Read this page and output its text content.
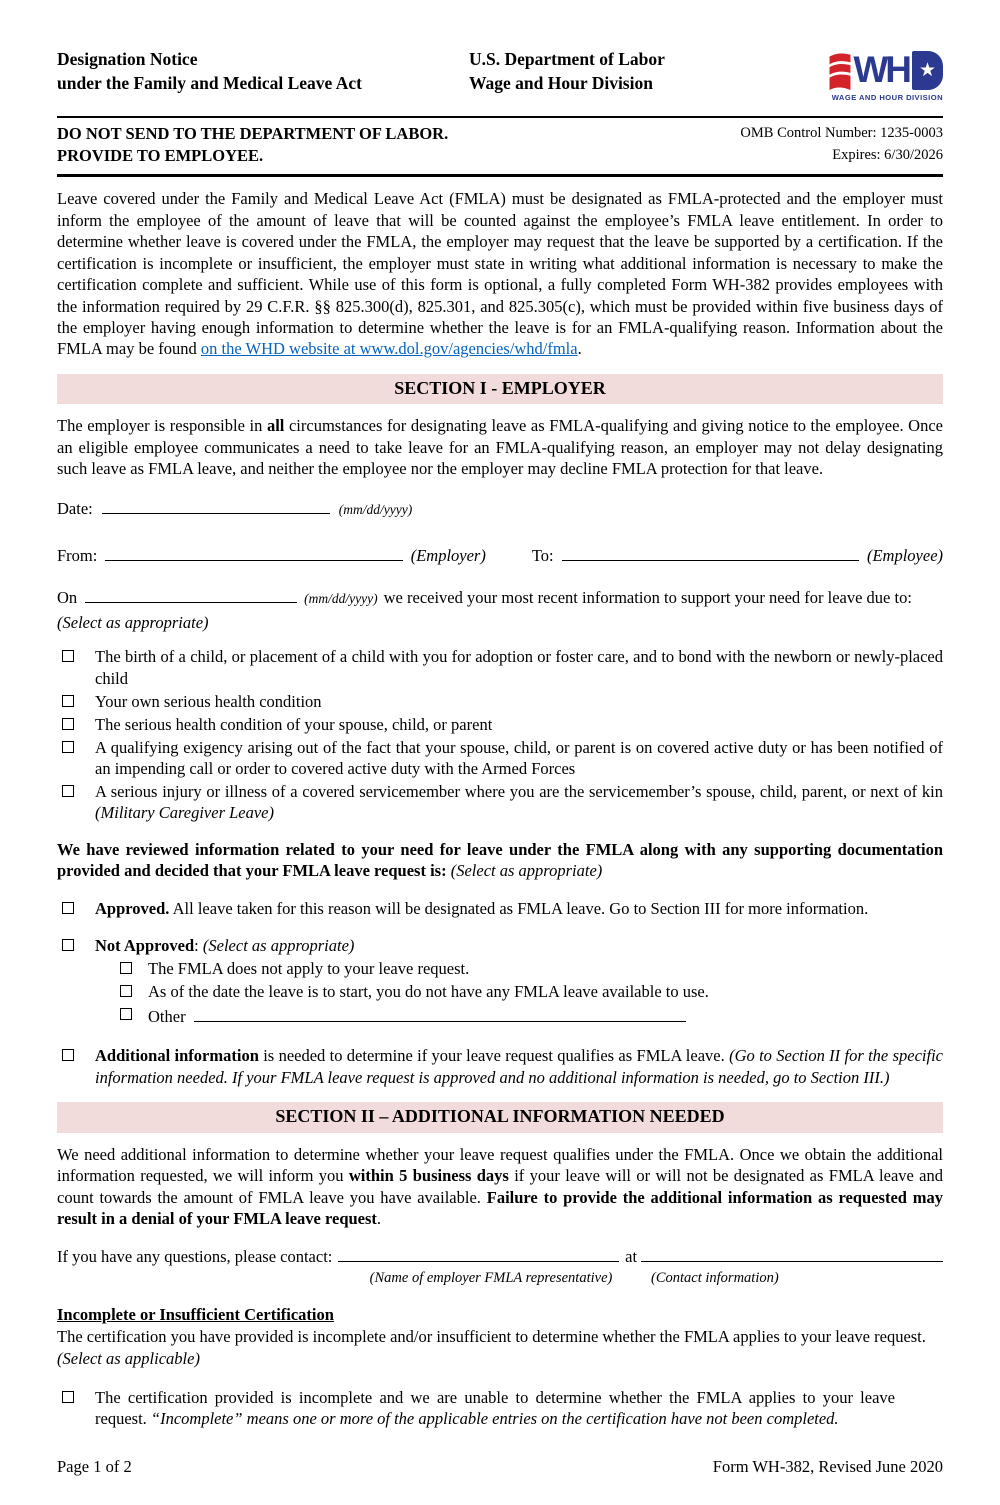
Designation Notice
under the Family and Medical Leave Act
U.S. Department of Labor
Wage and Hour Division	WH ★
WAGE AND HOUR DIVISION
DO NOT SEND TO THE DEPARTMENT OF LABOR.
PROVIDE TO EMPLOYEE.
OMB Control Number: 1235-0003
Expires: 6/30/2026

Leave covered under the Family and Medical Leave Act (FMLA) must be designated as FMLA-protected and the employer must inform the employee of the amount of leave that will be counted against the employee’s FMLA leave entitlement. In order to determine whether leave is covered under the FMLA, the employer may request that the leave be supported by a certification. If the certification is incomplete or insufficient, the employer must state in writing what additional information is necessary to make the certification complete and sufficient. While use of this form is optional, a fully completed Form WH-382 provides employees with the information required by 29 C.F.R. §§ 825.300(d), 825.301, and 825.305(c), which must be provided within five business days of the employer having enough information to determine whether the leave is for an FMLA-qualifying reason. Information about the FMLA may be found on the WHD website at www.dol.gov/agencies/whd/fmla.

SECTION I - EMPLOYER

The employer is responsible in all circumstances for designating leave as FMLA-qualifying and giving notice to the employee. Once an eligible employee communicates a need to take leave for an FMLA-qualifying reason, an employer may not delay designating such leave as FMLA leave, and neither the employee nor the employer may decline FMLA protection for that leave.

Date:	(mm/dd/yyyy)
From:	(Employer)	To:	(Employee)
On	(mm/dd/yyyy) we received your most recent information to support your need for leave due to:
(Select as appropriate)
The birth of a child, or placement of a child with you for adoption or foster care, and to bond with the newborn or newly-placed child
Your own serious health condition
The serious health condition of your spouse, child, or parent
A qualifying exigency arising out of the fact that your spouse, child, or parent is on covered active duty or has been notified of an impending call or order to covered active duty with the Armed Forces
A serious injury or illness of a covered servicemember where you are the servicemember’s spouse, child, parent, or next of kin (Military Caregiver Leave)

We have reviewed information related to your need for leave under the FMLA along with any supporting documentation provided and decided that your FMLA leave request is: (Select as appropriate)

Approved. All leave taken for this reason will be designated as FMLA leave. Go to Section III for more information.
Not Approved: (Select as appropriate)
The FMLA does not apply to your leave request.
As of the date the leave is to start, you do not have any FMLA leave available to use.
Other
Additional information is needed to determine if your leave request qualifies as FMLA leave. (Go to Section II for the specific information needed. If your FMLA leave request is approved and no additional information is needed, go to Section III.)
SECTION II – ADDITIONAL INFORMATION NEEDED

We need additional information to determine whether your leave request qualifies under the FMLA. Once we obtain the additional information requested, we will inform you within 5 business days if your leave will or will not be designated as FMLA leave and count towards the amount of FMLA leave you have available. Failure to provide the additional information as requested may result in a denial of your FMLA leave request.

If you have any questions, please contact:	at
(Name of employer FMLA representative)	(Contact information)
Incomplete or Insufficient Certification
The certification you have provided is incomplete and/or insufficient to determine whether the FMLA applies to your leave request.
(Select as applicable)
The certification provided is incomplete and we are unable to determine whether the FMLA applies to your leave request. “Incomplete” means one or more of the applicable entries on the certification have not been completed.
Page 1 of 2	Form WH-382, Revised June 2020
